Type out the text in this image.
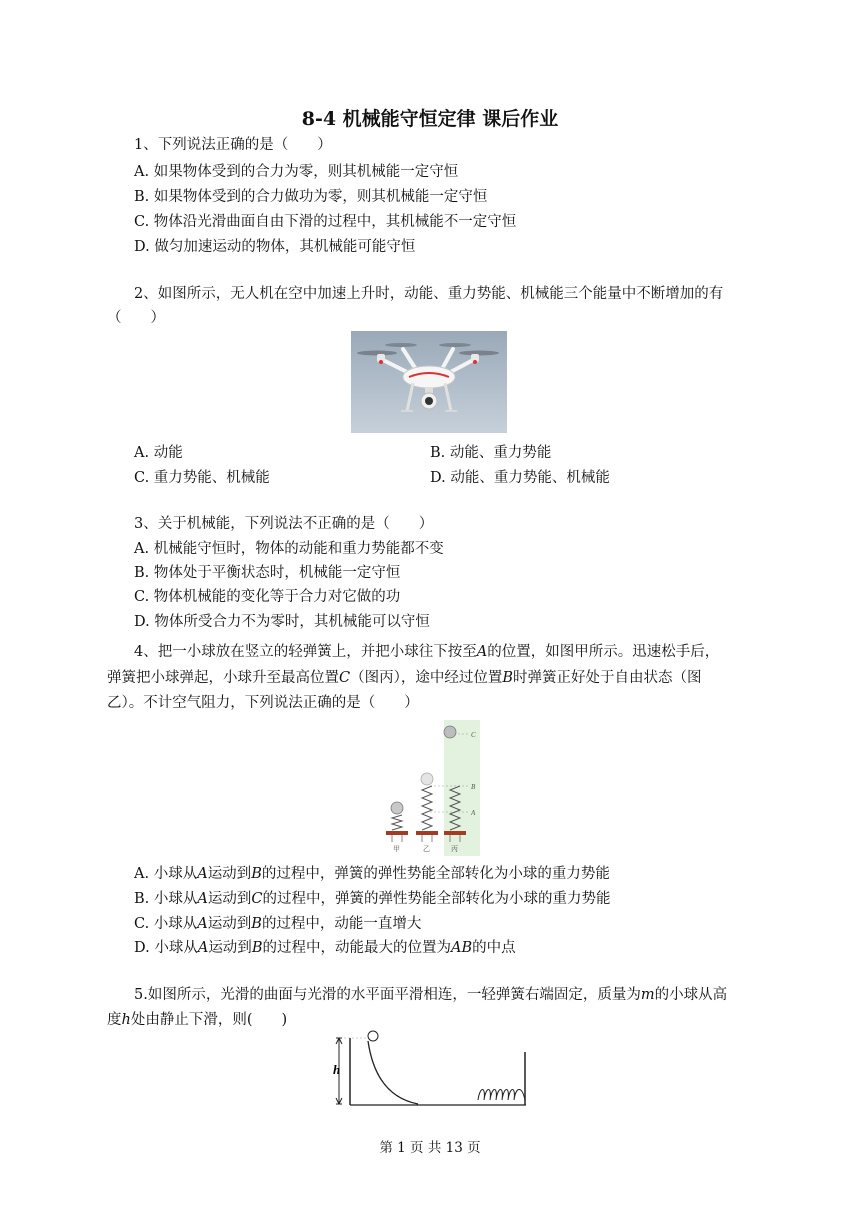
8-4 机械能守恒定律 课后作业
1、下列说法正确的是（　　）
A. 如果物体受到的合力为零，则其机械能一定守恒
B. 如果物体受到的合力做功为零，则其机械能一定守恒
C. 物体沿光滑曲面自由下滑的过程中，其机械能不一定守恒
D. 做匀加速运动的物体，其机械能可能守恒
2、如图所示，无人机在空中加速上升时，动能、重力势能、机械能三个能量中不断增加的有
（　　）
A. 动能	B. 动能、重力势能
C. 重力势能、机械能	D. 动能、重力势能、机械能
3、关于机械能，下列说法不正确的是（　　）
A. 机械能守恒时，物体的动能和重力势能都不变
B. 物体处于平衡状态时，机械能一定守恒
C. 物体机械能的变化等于合力对它做的功
D. 物体所受合力不为零时，其机械能可以守恒
4、把一小球放在竖立的轻弹簧上，并把小球往下按至A的位置，如图甲所示。迅速松手后，
弹簧把小球弹起，小球升至最高位置C（图丙），途中经过位置B时弹簧正好处于自由状态（图
乙）。不计空气阻力，下列说法正确的是（　　）
C
B
A
甲	乙	丙
A. 小球从A运动到B的过程中，弹簧的弹性势能全部转化为小球的重力势能
B. 小球从A运动到C的过程中，弹簧的弹性势能全部转化为小球的重力势能
C. 小球从A运动到B的过程中，动能一直增大
D. 小球从A运动到B的过程中，动能最大的位置为AB的中点
5.如图所示，光滑的曲面与光滑的水平面平滑相连，一轻弹簧右端固定，质量为m的小球从高
度h处由静止下滑，则(　　)
h
第 1 页 共 13 页
